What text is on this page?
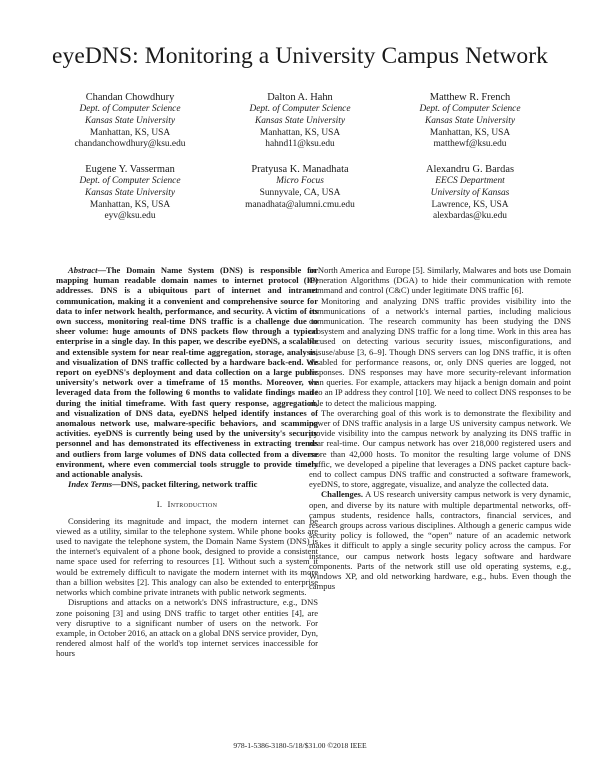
eyeDNS: Monitoring a University Campus Network
Chandan Chowdhury
Dept. of Computer Science
Kansas State University
Manhattan, KS, USA
chandanchowdhury@ksu.edu
Dalton A. Hahn
Dept. of Computer Science
Kansas State University
Manhattan, KS, USA
hahnd11@ksu.edu
Matthew R. French
Dept. of Computer Science
Kansas State University
Manhattan, KS, USA
matthewf@ksu.edu
Eugene Y. Vasserman
Dept. of Computer Science
Kansas State University
Manhattan, KS, USA
eyv@ksu.edu
Pratyusa K. Manadhata
Micro Focus
Sunnyvale, CA, USA
manadhata@alumni.cmu.edu
Alexandru G. Bardas
EECS Department
University of Kansas
Lawrence, KS, USA
alexbardas@ku.edu

Abstract—The Domain Name System (DNS) is responsible for mapping human readable domain names to internet protocol (IP) addresses. DNS is a ubiquitous part of internet and intranet communication, making it a convenient and comprehensive source for data to infer network health, performance, and security. A victim of its own success, monitoring real-time DNS traffic is a challenge due to sheer volume: huge amounts of DNS packets flow through a typical enterprise in a single day. In this paper, we describe eyeDNS, a scalable and extensible system for near real-time aggregation, storage, analysis, and visualization of DNS traffic collected by a hardware back-end. We report on eyeDNS's deployment and data collection on a large public university's network over a timeframe of 15 months. Moreover, we leveraged data from the following 6 months to validate findings made during the initial timeframe. With fast query response, aggregation, and visualization of DNS data, eyeDNS helped identify instances of anomalous network use, malware-specific behaviors, and scamming activities. eyeDNS is currently being used by the university's security personnel and has demonstrated its effectiveness in extracting trends and outliers from large volumes of DNS data collected from a diverse environment, where even commercial tools struggle to provide timely and actionable analysis.

Index Terms—DNS, packet filtering, network traffic

I. Introduction

Considering its magnitude and impact, the modern internet can be viewed as a utility, similar to the telephone system. While phone books are used to navigate the telephone system, the Domain Name System (DNS) is the internet's equivalent of a phone book, designed to provide a consistent name space used for referring to resources [1]. Without such a system it would be extremely difficult to navigate the modern internet with its more than a billion websites [2]. This analogy can also be extended to enterprise networks which combine private intranets with public network segments.

Disruptions and attacks on a network's DNS infrastructure, e.g., DNS zone poisoning [3] and using DNS traffic to target other entities [4], are very disruptive to a significant number of users on the network. For example, in October 2016, an attack on a global DNS service provider, Dyn, rendered almost half of the world's top internet services inaccessible for hours

in North America and Europe [5]. Similarly, Malwares and bots use Domain Generation Algorithms (DGA) to hide their communication with remote command and control (C&C) under legitimate DNS traffic [6].

Monitoring and analyzing DNS traffic provides visibility into the communications of a network's internal parties, including malicious communication. The research community has been studying the DNS ecosystem and analyzing DNS traffic for a long time. Work in this area has focused on detecting various security issues, misconfigurations, and misuse/abuse [3, 6–9]. Though DNS servers can log DNS traffic, it is often disabled for performance reasons, or, only DNS queries are logged, not responses. DNS responses may have more security-relevant information than queries. For example, attackers may hijack a benign domain and point it to an IP address they control [10]. We need to collect DNS responses to be able to detect the malicious mapping.

The overarching goal of this work is to demonstrate the flexibility and power of DNS traffic analysis in a large US university campus network. We provide visibility into the campus network by analyzing its DNS traffic in near real-time. Our campus network has over 218,000 registered users and more than 42,000 hosts. To monitor the resulting large volume of DNS traffic, we developed a pipeline that leverages a DNS packet capture back-end to collect campus DNS traffic and constructed a software framework, eyeDNS, to store, aggregate, visualize, and analyze the collected data.

Challenges. A US research university campus network is very dynamic, open, and diverse by its nature with multiple departmental networks, off-campus students, residence halls, contractors, financial services, and research groups across various disciplines. Although a generic campus wide security policy is followed, the “open” nature of an academic network makes it difficult to apply a single security policy across the campus. For instance, our campus network hosts legacy software and hardware components. Parts of the network still use old operating systems, e.g., Windows XP, and old networking hardware, e.g., hubs. Even though the campus

978-1-5386-3180-5/18/$31.00 ©2018 IEEE
